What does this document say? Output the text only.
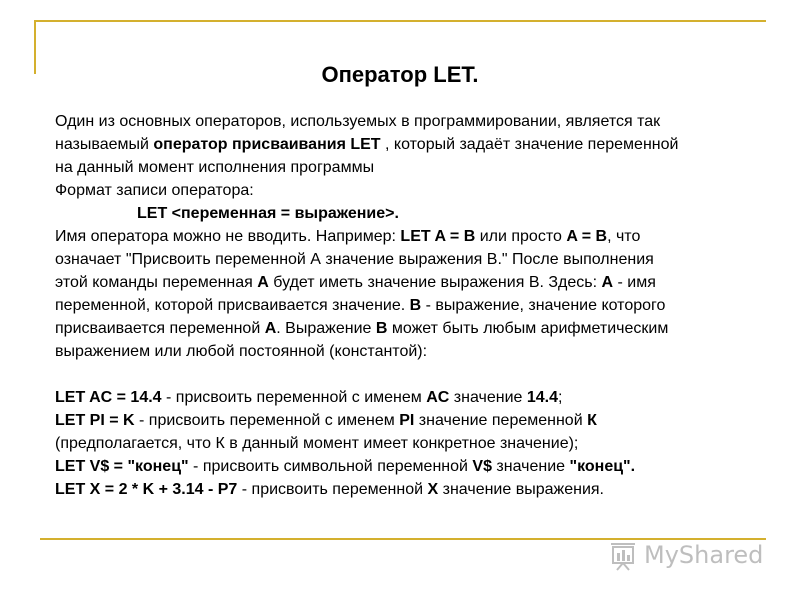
Оператор LET.
Один из основных операторов, используемых в программировании, является так
называемый оператор присваивания LET , который задаёт значение переменной
на данный момент исполнения программы
Формат записи оператора:
LET <переменная = выражение>.
Имя оператора можно не вводить. Например: LET A = B или просто A = B, что
означает "Присвоить переменной А значение выражения В." После выполнения
этой команды переменная А будет иметь значение выражения В. Здесь: А - имя
переменной, которой присваивается значение. В - выражение, значение которого
присваивается переменной А. Выражение В может быть любым арифметическим
выражением или любой постоянной (константой):
LET AC = 14.4 - присвоить переменной с именем AC значение 14.4;
LET PI = K - присвоить переменной с именем PI значение переменной К
(предполагается, что К в данный момент имеет конкретное значение);
LET V$ = "конец" - присвоить символьной переменной V$ значение "конец".
LET X = 2 * K + 3.14 - P7 - присвоить переменной X значение выражения.
MyShared
